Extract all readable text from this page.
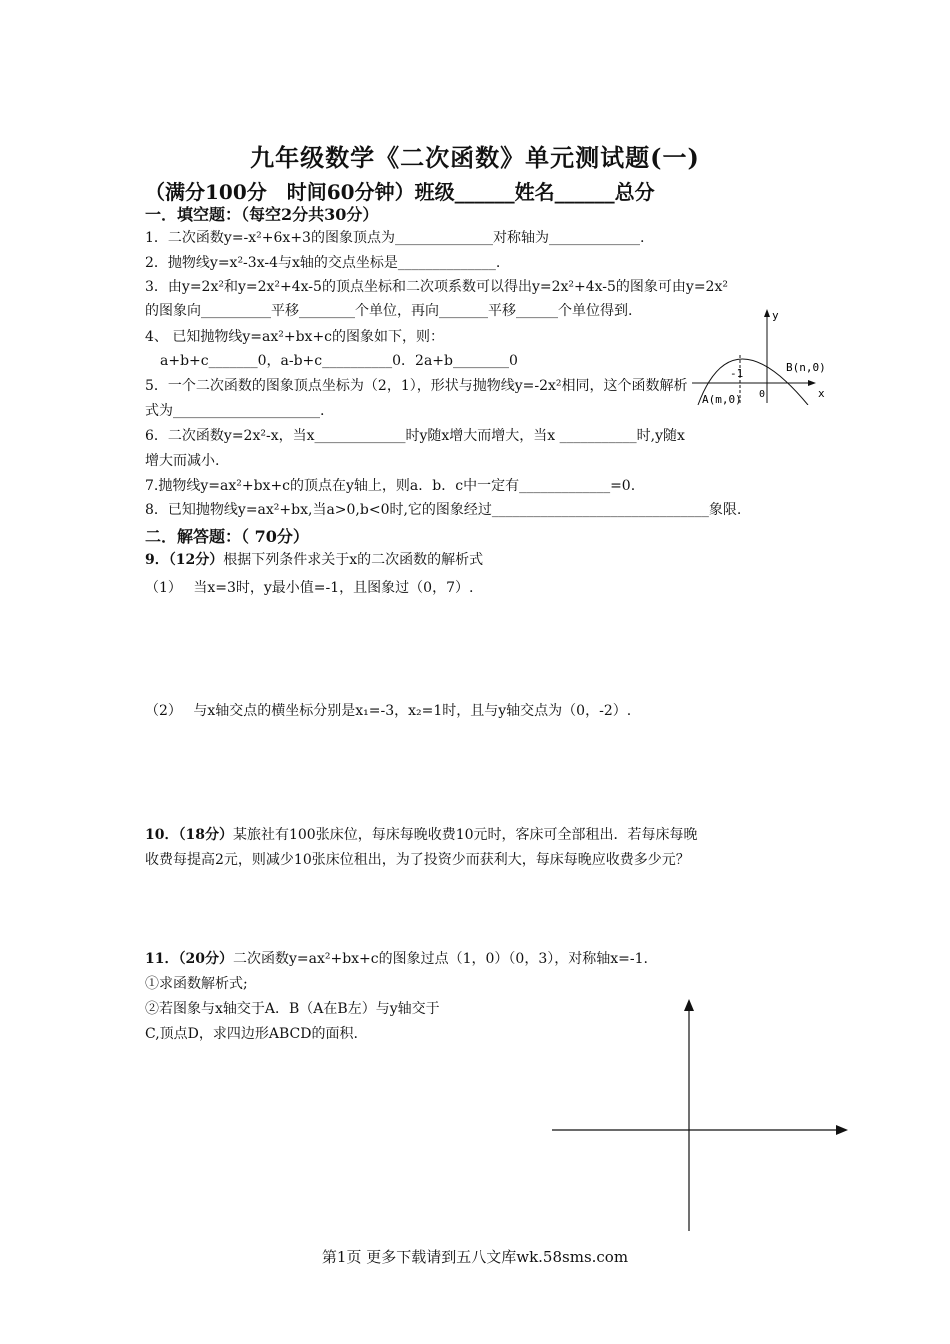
九年级数学《二次函数》单元测试题(一)
（满分100分　时间60分钟）班级______姓名______总分
一．填空题：（每空2分共30分）
1．二次函数y=-x²+6x+3的图象顶点为______________对称轴为_____________.
2．抛物线y=x²-3x-4与x轴的交点坐标是______________.
3．由y=2x²和y=2x²+4x-5的顶点坐标和二次项系数可以得出y=2x²+4x-5的图象可由y=2x²
的图象向__________平移________个单位，再向_______平移______个单位得到.
4、 已知抛物线y=ax²+bx+c的图象如下，则：
a+b+c_______0，a-b+c__________0．2a+b________0
5．一个二次函数的图象顶点坐标为（2，1），形状与抛物线y=-2x²相同，这个函数解析
式为_____________________.
6．二次函数y=2x²-x，当x_____________时y随x增大而增大，当x ___________时,y随x
增大而减小.
7.抛物线y=ax²+bx+c的顶点在y轴上，则a．b．c中一定有_____________=0.
8．已知抛物线y=ax²+bx,当a>0,b<0时,它的图象经过_______________________________象限.
y
x
-1
0
B(n,0)
A(m,0)
二．解答题：（ 70分）
9．（12分）根据下列条件求关于x的二次函数的解析式
（1）　 当x=3时，y最小值=-1，且图象过（0，7）.
（2）　 与x轴交点的横坐标分别是x₁=-3，x₂=1时，且与y轴交点为（0，-2）.
10．（18分）某旅社有100张床位，每床每晚收费10元时，客床可全部租出．若每床每晚
收费每提高2元，则减少10张床位租出，为了投资少而获利大，每床每晚应收费多少元？
11．（20分）二次函数y=ax²+bx+c的图象过点（1，0）（0，3），对称轴x=-1.
①求函数解析式;
②若图象与x轴交于A．B（A在B左）与y轴交于
C,顶点D，求四边形ABCD的面积.
第1页 更多下载请到五八文库wk.58sms.com
